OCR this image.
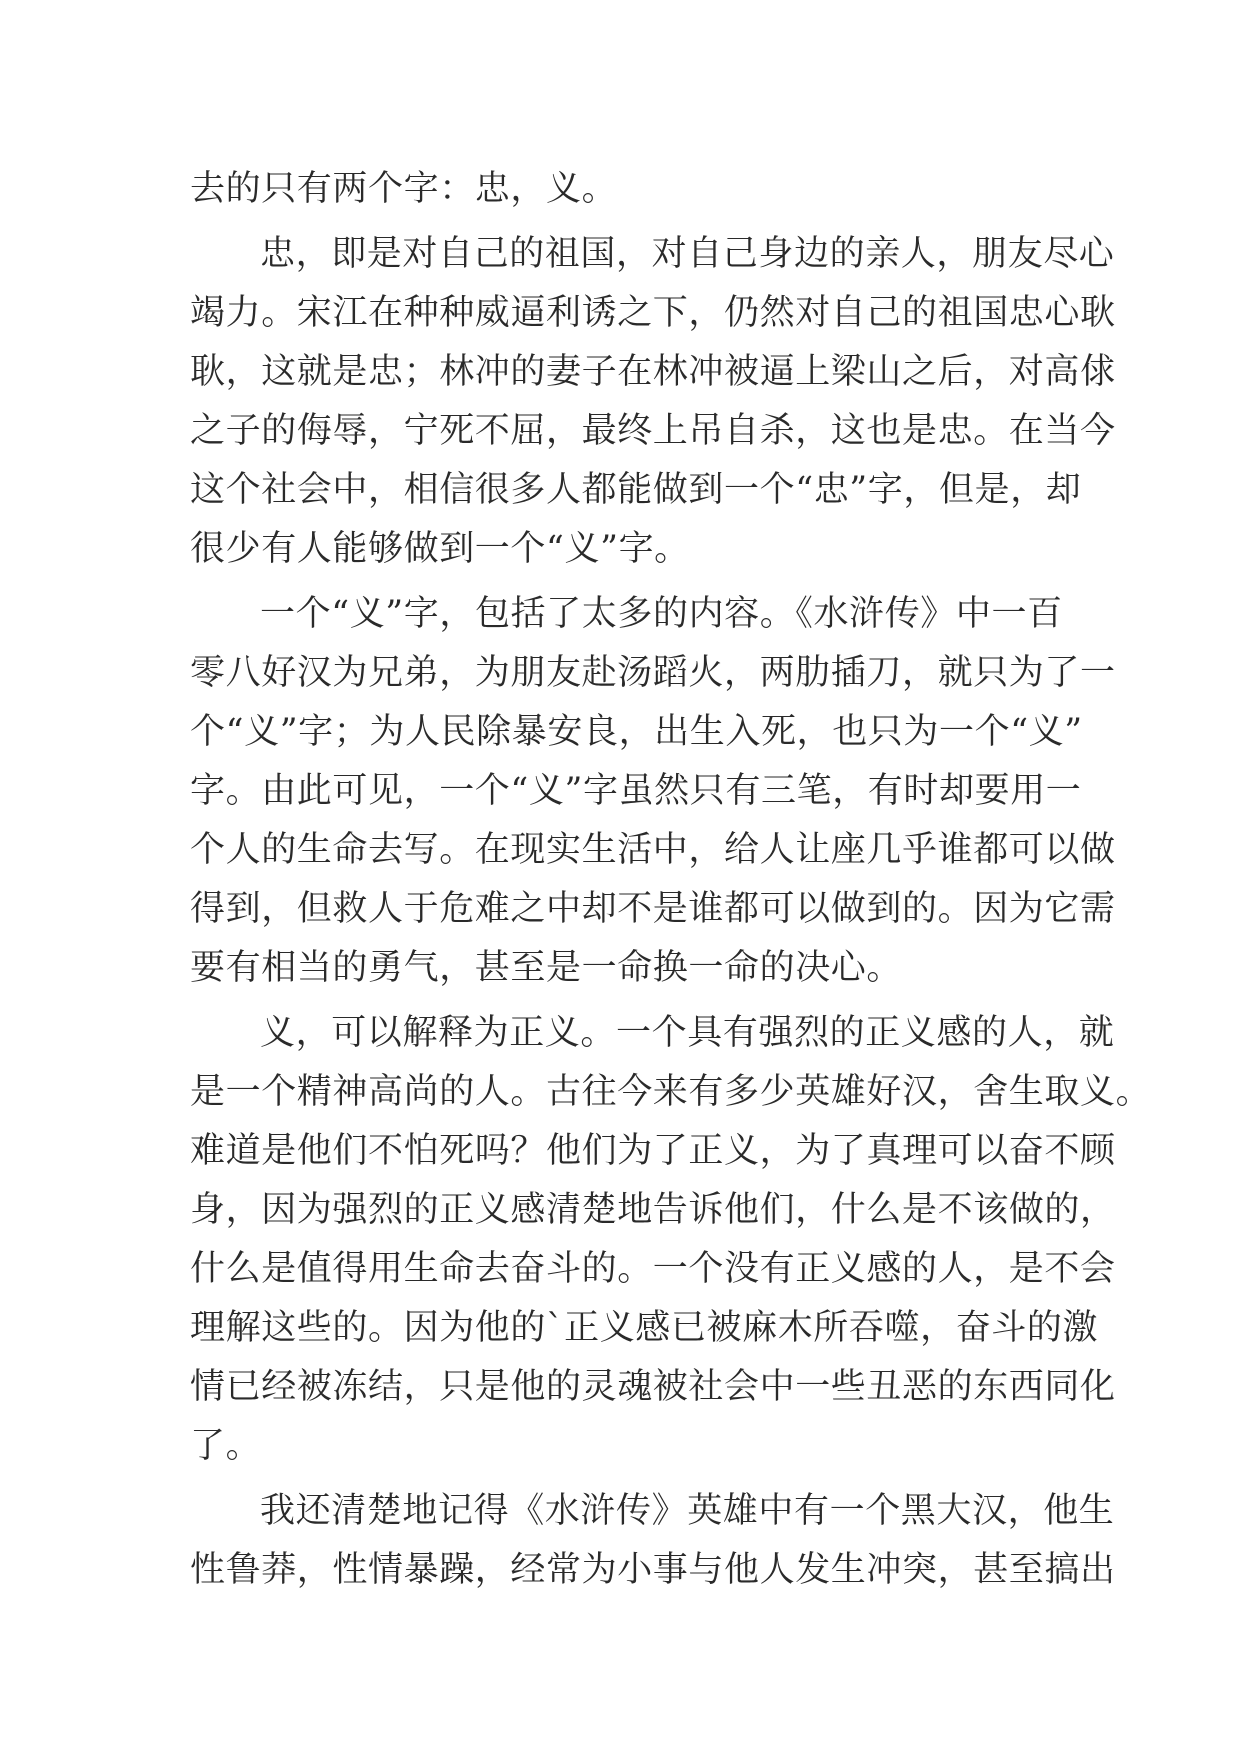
去的只有两个字：忠，义。
忠，即是对自己的祖国，对自己身边的亲人，朋友尽心
竭力。宋江在种种威逼利诱之下，仍然对自己的祖国忠心耿
耿，这就是忠；林冲的妻子在林冲被逼上梁山之后，对高俅
之子的侮辱，宁死不屈，最终上吊自杀，这也是忠。在当今
这个社会中，相信很多人都能做到一个“忠”字，但是，却
很少有人能够做到一个“义”字。
一个“义”字，包括了太多的内容。《水浒传》中一百
零八好汉为兄弟，为朋友赴汤蹈火，两肋插刀，就只为了一
个“义”字；为人民除暴安良，出生入死，也只为一个“义”
字。由此可见，一个“义”字虽然只有三笔，有时却要用一
个人的生命去写。在现实生活中，给人让座几乎谁都可以做
得到，但救人于危难之中却不是谁都可以做到的。因为它需
要有相当的勇气，甚至是一命换一命的决心。
义，可以解释为正义。一个具有强烈的正义感的人，就
是一个精神高尚的人。古往今来有多少英雄好汉，舍生取义。
难道是他们不怕死吗？他们为了正义，为了真理可以奋不顾
身，因为强烈的正义感清楚地告诉他们，什么是不该做的，
什么是值得用生命去奋斗的。一个没有正义感的人，是不会
理解这些的。因为他的`正义感已被麻木所吞噬，奋斗的激
情已经被冻结，只是他的灵魂被社会中一些丑恶的东西同化
了。
我还清楚地记得《水浒传》英雄中有一个黑大汉，他生
性鲁莽，性情暴躁，经常为小事与他人发生冲突，甚至搞出
